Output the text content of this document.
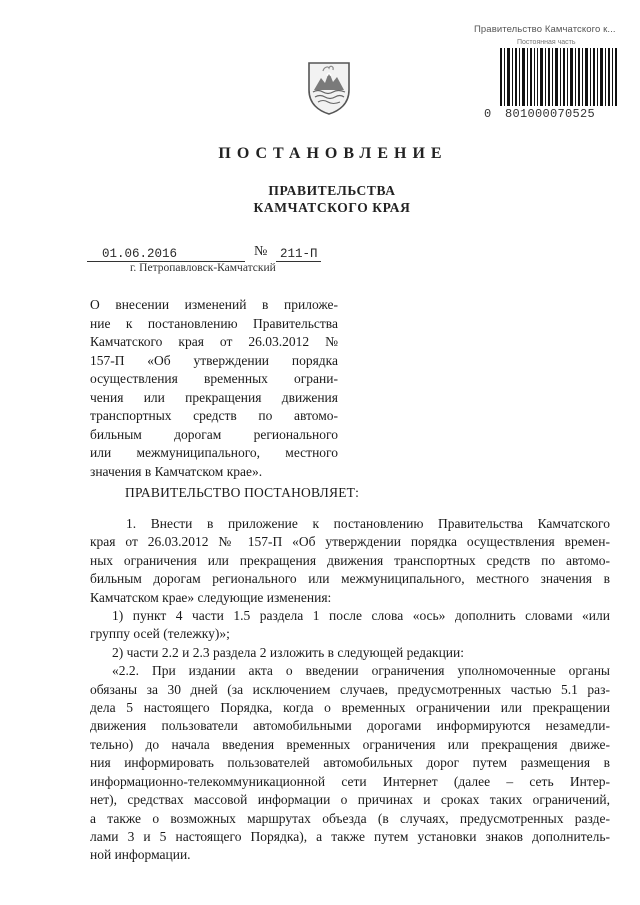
Правительство Камчатского к...
Постоянная часть
0 801000070525
ПОСТАНОВЛЕНИЕ
ПРАВИТЕЛЬСТВА
КАМЧАТСКОГО КРАЯ
01.06.2016	№ 211-П
г. Петропавловск-Камчатский
О внесении изменений в приложе-
ние к постановлению Правительства
Камчатского края от 26.03.2012 №
157-П «Об утверждении порядка
осуществления временных ограни-
чения или прекращения движения
транспортных средств по автомо-
бильным дорогам регионального
или межмуниципального, местного
значения в Камчатском крае».
ПРАВИТЕЛЬСТВО ПОСТАНОВЛЯЕТ:
1. Внести в приложение к постановлению Правительства Камчатского
края от 26.03.2012 № 157-П «Об утверждении порядка осуществления времен-
ных ограничения или прекращения движения транспортных средств по автомо-
бильным дорогам регионального или межмуниципального, местного значения в
Камчатском крае» следующие изменения:
1) пункт 4 части 1.5 раздела 1 после слова «ось» дополнить словами «или
группу осей (тележку)»;
2) части 2.2 и 2.3 раздела 2 изложить в следующей редакции:
«2.2. При издании акта о введении ограничения уполномоченные органы
обязаны за 30 дней (за исключением случаев, предусмотренных частью 5.1 раз-
дела 5 настоящего Порядка, когда о временных ограничении или прекращении
движения пользователи автомобильными дорогами информируются незамедли-
тельно) до начала введения временных ограничения или прекращения движе-
ния информировать пользователей автомобильных дорог путем размещения в
информационно-телекоммуникационной сети Интернет (далее – сеть Интер-
нет), средствах массовой информации о причинах и сроках таких ограничений,
а также о возможных маршрутах объезда (в случаях, предусмотренных разде-
лами 3 и 5 настоящего Порядка), а также путем установки знаков дополнитель-
ной информации.
